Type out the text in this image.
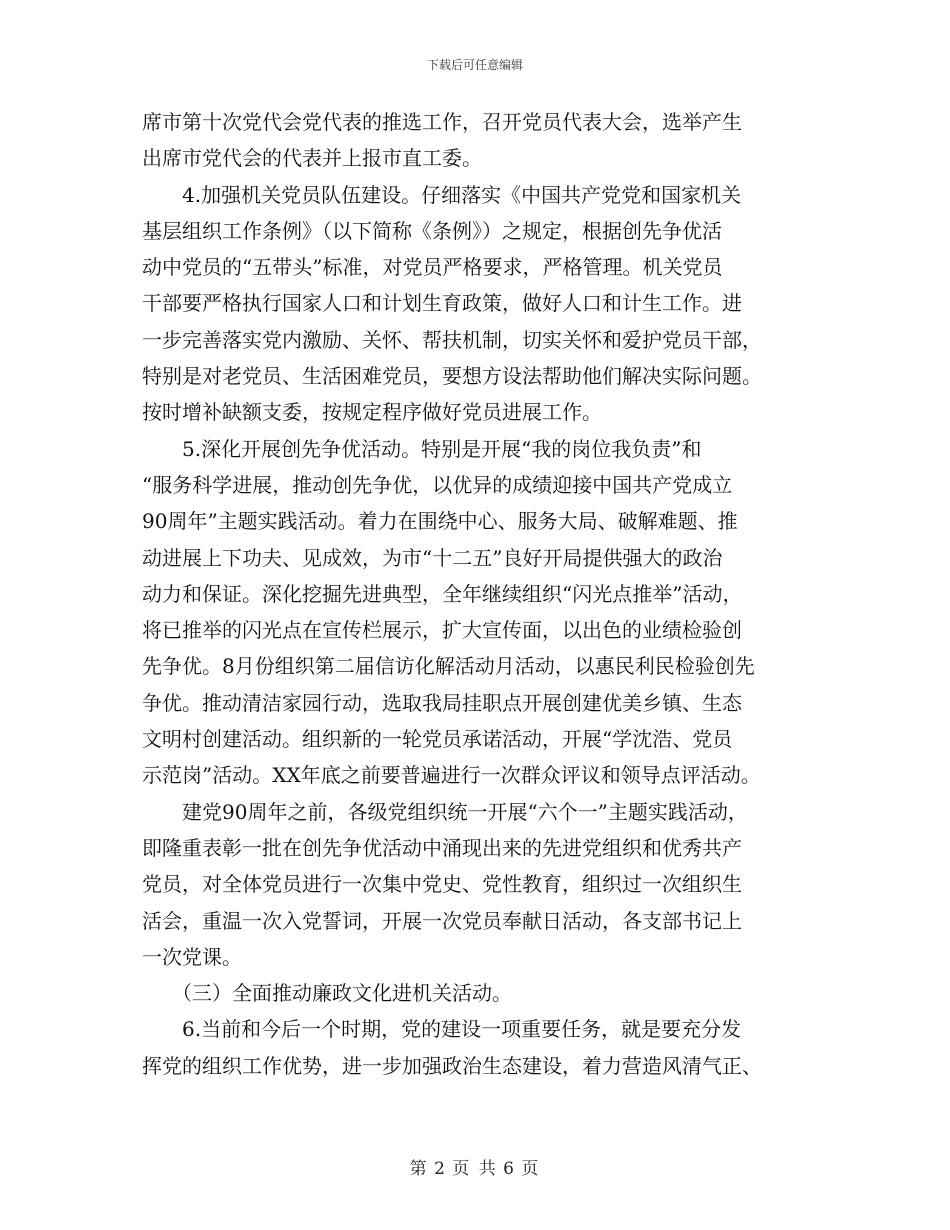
下载后可任意编辑
席市第十次党代会党代表的推选工作，召开党员代表大会，选举产生
出席市党代会的代表并上报市直工委。
　　4.加强机关党员队伍建设。仔细落实《中国共产党党和国家机关
基层组织工作条例》（以下简称《条例》）之规定，根据创先争优活
动中党员的“五带头”标准，对党员严格要求，严格管理。机关党员
干部要严格执行国家人口和计划生育政策，做好人口和计生工作。进
一步完善落实党内激励、关怀、帮扶机制，切实关怀和爱护党员干部，
特别是对老党员、生活困难党员，要想方设法帮助他们解决实际问题。
按时增补缺额支委，按规定程序做好党员进展工作。
　　5.深化开展创先争优活动。特别是开展“我的岗位我负责”和
“服务科学进展，推动创先争优，以优异的成绩迎接中国共产党成立
90周年”主题实践活动。着力在围绕中心、服务大局、破解难题、推
动进展上下功夫、见成效，为市“十二五”良好开局提供强大的政治
动力和保证。深化挖掘先进典型，全年继续组织“闪光点推举”活动，
将已推举的闪光点在宣传栏展示，扩大宣传面，以出色的业绩检验创
先争优。8月份组织第二届信访化解活动月活动，以惠民利民检验创先
争优。推动清洁家园行动，选取我局挂职点开展创建优美乡镇、生态
文明村创建活动。组织新的一轮党员承诺活动，开展“学沈浩、党员
示范岗”活动。XX年底之前要普遍进行一次群众评议和领导点评活动。
　　建党90周年之前，各级党组织统一开展“六个一”主题实践活动，
即隆重表彰一批在创先争优活动中涌现出来的先进党组织和优秀共产
党员，对全体党员进行一次集中党史、党性教育，组织过一次组织生
活会，重温一次入党誓词，开展一次党员奉献日活动，各支部书记上
一次党课。
　　（三）全面推动廉政文化进机关活动。
　　6.当前和今后一个时期，党的建设一项重要任务，就是要充分发
挥党的组织工作优势，进一步加强政治生态建设，着力营造风清气正、
第 2 页 共 6 页
